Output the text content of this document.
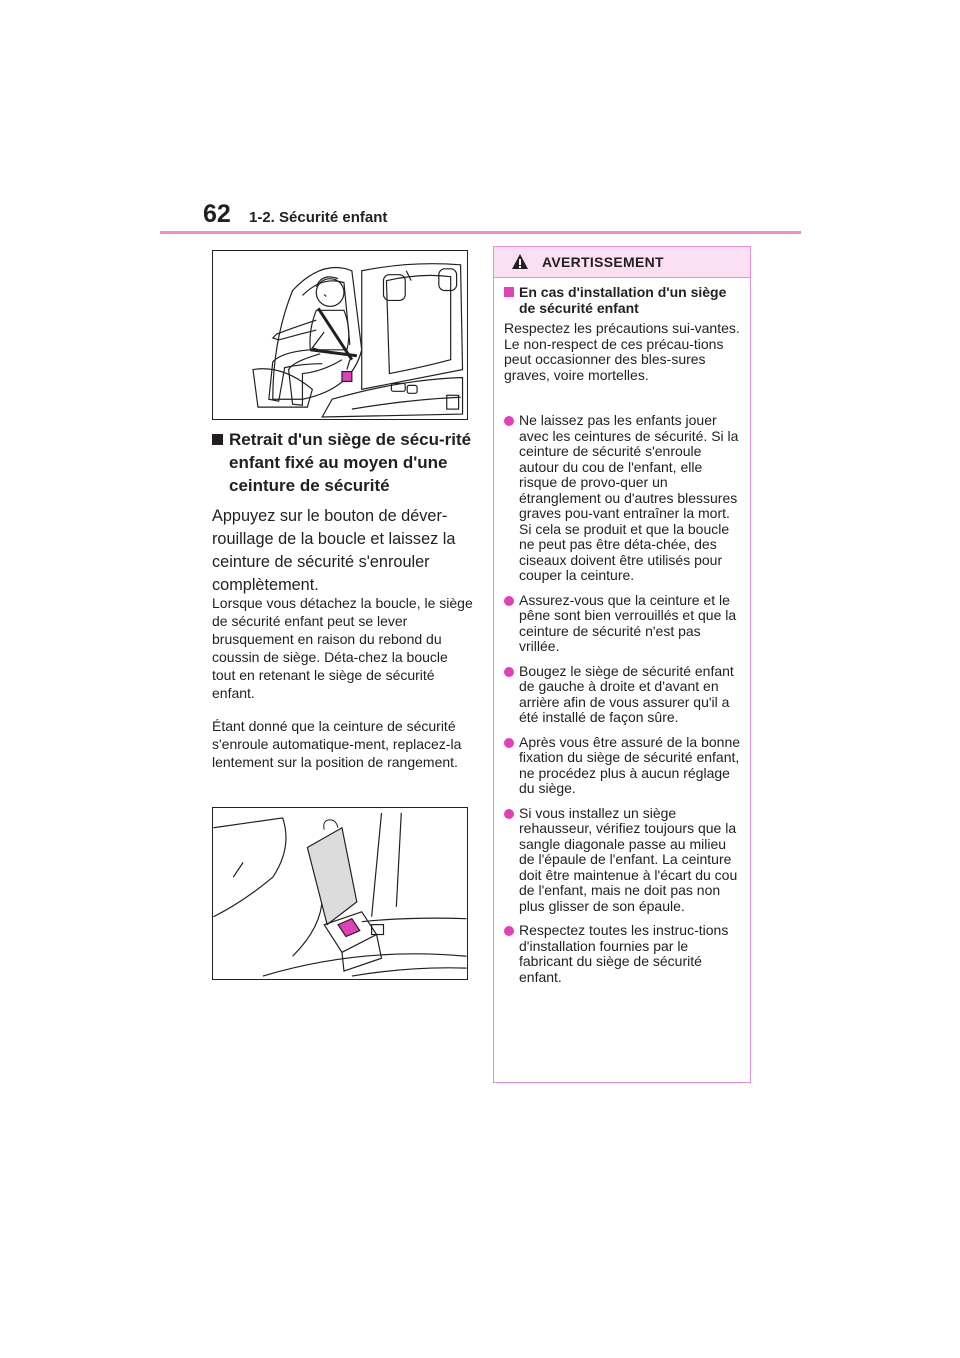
62 1-2. Sécurité enfant
Retrait d'un siège de sécu-rité enfant fixé au moyen d'une ceinture de sécurité
Appuyez sur le bouton de déver-rouillage de la boucle et laissez la ceinture de sécurité s'enrouler complètement.
Lorsque vous détachez la boucle, le siège de sécurité enfant peut se lever brusquement en raison du rebond du coussin de siège. Déta-chez la boucle tout en retenant le siège de sécurité enfant.
Étant donné que la ceinture de sécurité s'enroule automatique-ment, replacez-la lentement sur la position de rangement.
AVERTISSEMENT
En cas d'installation d'un siège de sécurité enfant
Respectez les précautions sui-vantes. Le non-respect de ces précau-tions peut occasionner des bles-sures graves, voire mortelles.
Ne laissez pas les enfants jouer avec les ceintures de sécurité. Si la ceinture de sécurité s'enroule autour du cou de l'enfant, elle risque de provo-quer un étranglement ou d'autres blessures graves pou-vant entraîner la mort. Si cela se produit et que la boucle ne peut pas être déta-chée, des ciseaux doivent être utilisés pour couper la ceinture.
Assurez-vous que la ceinture et le pêne sont bien verrouillés et que la ceinture de sécurité n'est pas vrillée.
Bougez le siège de sécurité enfant de gauche à droite et d'avant en arrière afin de vous assurer qu'il a été installé de façon sûre.
Après vous être assuré de la bonne fixation du siège de sécurité enfant, ne procédez plus à aucun réglage du siège.
Si vous installez un siège rehausseur, vérifiez toujours que la sangle diagonale passe au milieu de l'épaule de l'enfant. La ceinture doit être maintenue à l'écart du cou de l'enfant, mais ne doit pas non plus glisser de son épaule.
Respectez toutes les instruc-tions d'installation fournies par le fabricant du siège de sécurité enfant.
